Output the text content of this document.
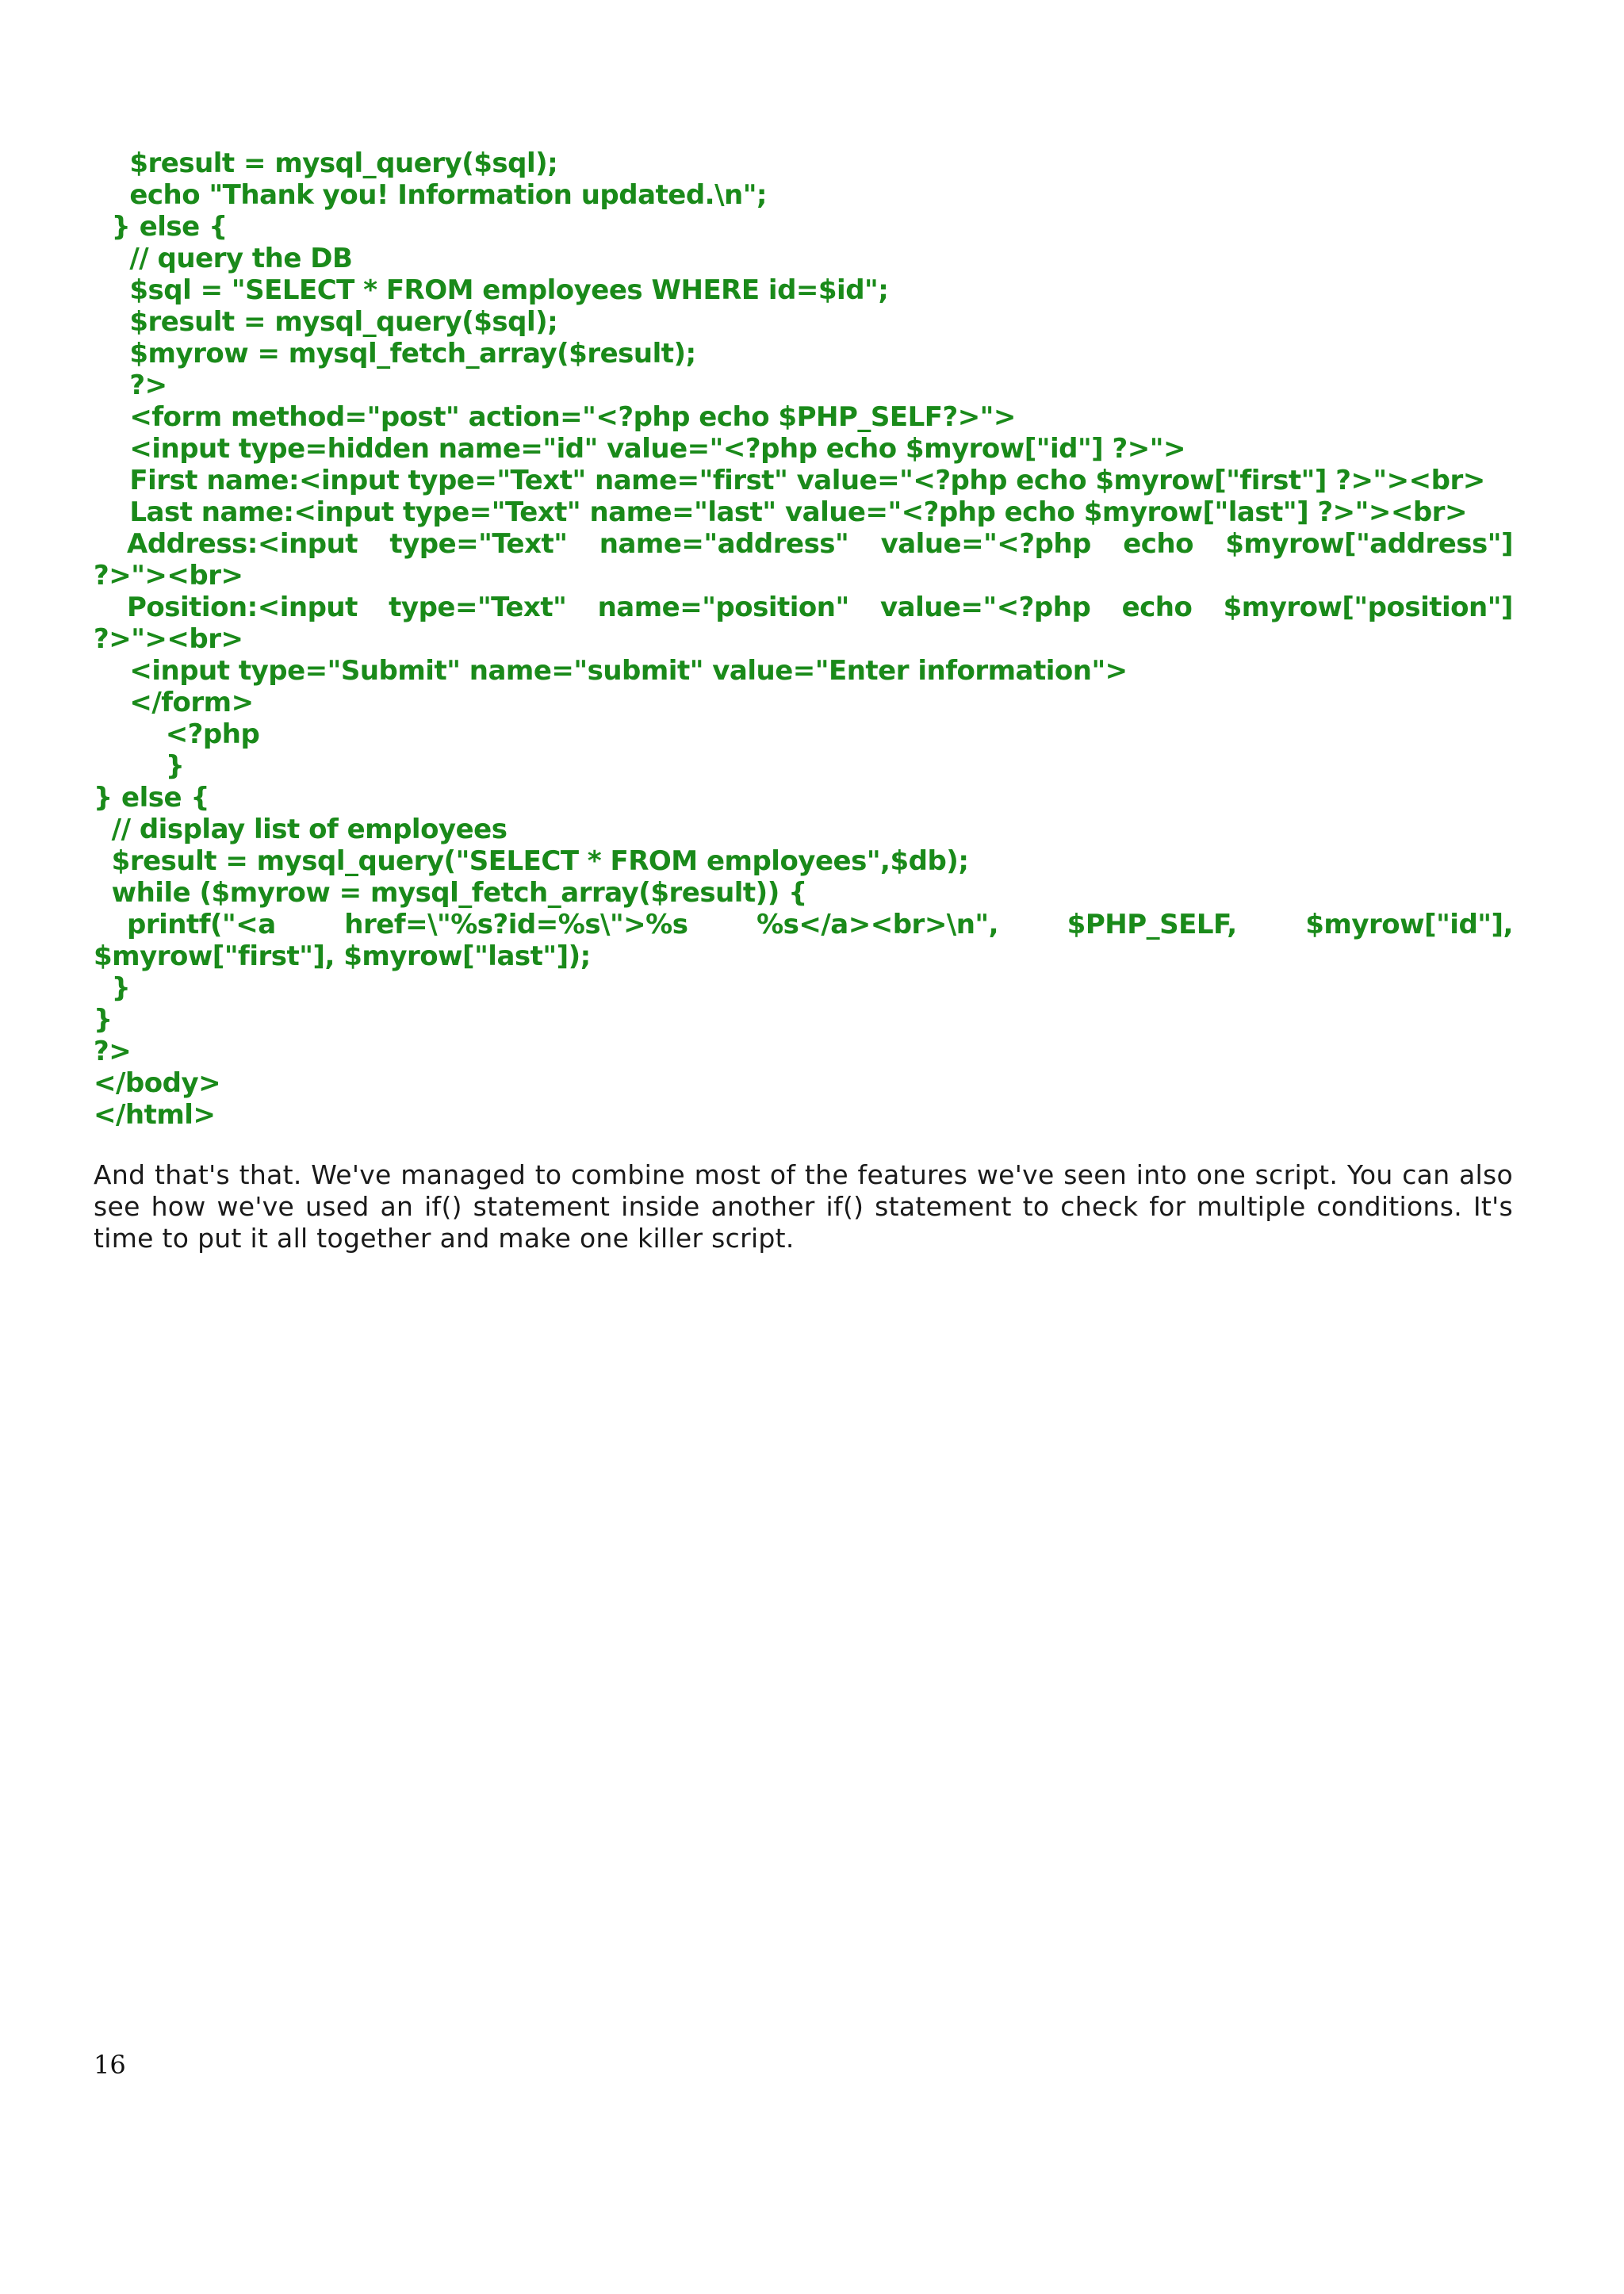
$result = mysql_query($sql);
echo "Thank you! Information updated.\n";
} else {
// query the DB
$sql = "SELECT * FROM employees WHERE id=$id";
$result = mysql_query($sql);
$myrow = mysql_fetch_array($result);
?>
<form method="post" action="<?php echo $PHP_SELF?>">
<input type=hidden name="id" value="<?php echo $myrow["id"] ?>">
First name:<input type="Text" name="first" value="<?php echo $myrow["first"] ?>"><br>
Last name:<input type="Text" name="last" value="<?php echo $myrow["last"] ?>"><br>
Address:<input type="Text" name="address" value="<?php echo $myrow["address"]
?>"><br>
Position:<input type="Text" name="position" value="<?php echo $myrow["position"]
?>"><br>
<input type="Submit" name="submit" value="Enter information">
</form>
<?php
}
} else {
// display list of employees
$result = mysql_query("SELECT * FROM employees",$db);
while ($myrow = mysql_fetch_array($result)) {
printf("<a	href=\"%s?id=%s\">%s	%s</a><br>\n",	$PHP_SELF,	$myrow["id"],
$myrow["first"], $myrow["last"]);
}
}
?>
</body>
</html>

And that's that. We've managed to combine most of the features we've seen into one script. You can also see how we've used an if() statement inside another if() statement to check for multiple conditions. It's time to put it all together and make one killer script.

16
